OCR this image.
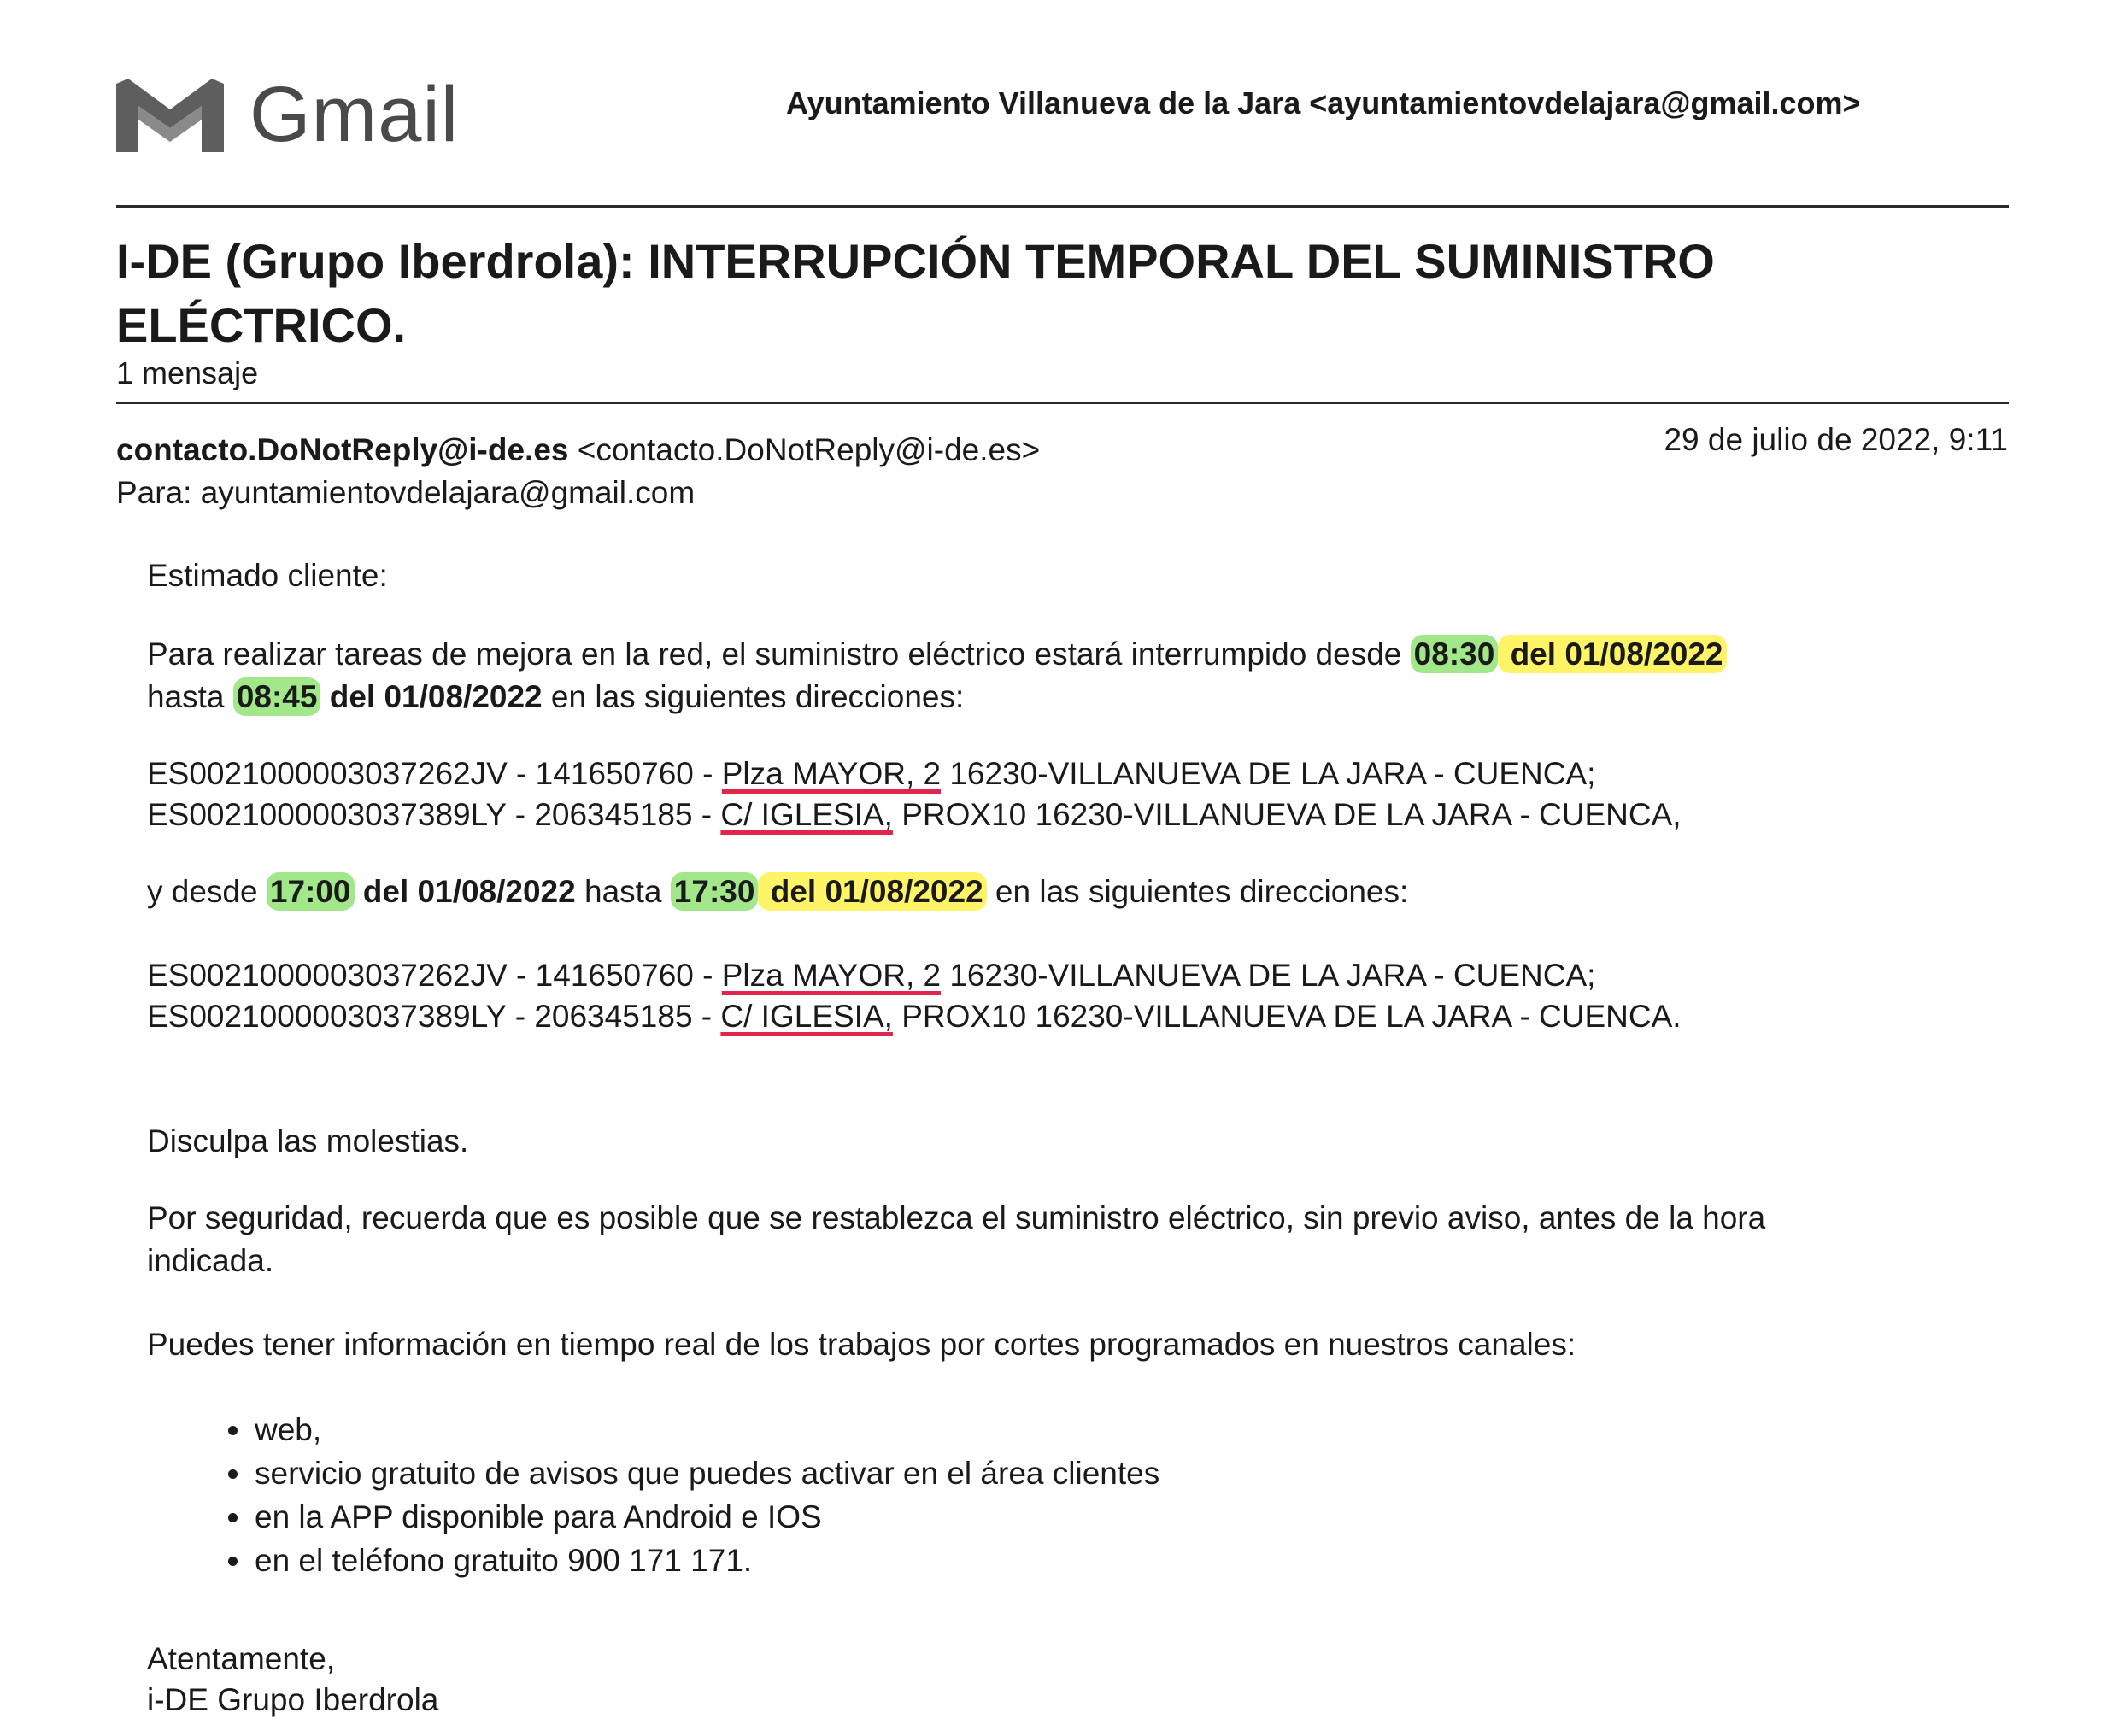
Gmail	Ayuntamiento Villanueva de la Jara <ayuntamientovdelajara@gmail.com>
I-DE (Grupo Iberdrola): INTERRUPCIÓN TEMPORAL DEL SUMINISTRO ELÉCTRICO.
1 mensaje
contacto.DoNotReply@i-de.es <contacto.DoNotReply@i-de.es>	29 de julio de 2022, 9:11
Para: ayuntamientovdelajara@gmail.com
Estimado cliente:
Para realizar tareas de mejora en la red, el suministro eléctrico estará interrumpido desde 08:30 del 01/08/2022
hasta 08:45 del 01/08/2022 en las siguientes direcciones:
ES0021000003037262JV - 141650760 - Plza MAYOR, 2 16230-VILLANUEVA DE LA JARA - CUENCA;
ES0021000003037389LY - 206345185 - C/ IGLESIA, PROX10 16230-VILLANUEVA DE LA JARA - CUENCA,
y desde 17:00 del 01/08/2022 hasta 17:30 del 01/08/2022 en las siguientes direcciones:
ES0021000003037262JV - 141650760 - Plza MAYOR, 2 16230-VILLANUEVA DE LA JARA - CUENCA;
ES0021000003037389LY - 206345185 - C/ IGLESIA, PROX10 16230-VILLANUEVA DE LA JARA - CUENCA.
Disculpa las molestias.
Por seguridad, recuerda que es posible que se restablezca el suministro eléctrico, sin previo aviso, antes de la hora
indicada.
Puedes tener información en tiempo real de los trabajos por cortes programados en nuestros canales:
• web,
• servicio gratuito de avisos que puedes activar en el área clientes
• en la APP disponible para Android e IOS
• en el teléfono gratuito 900 171 171.
Atentamente,
i-DE Grupo Iberdrola
